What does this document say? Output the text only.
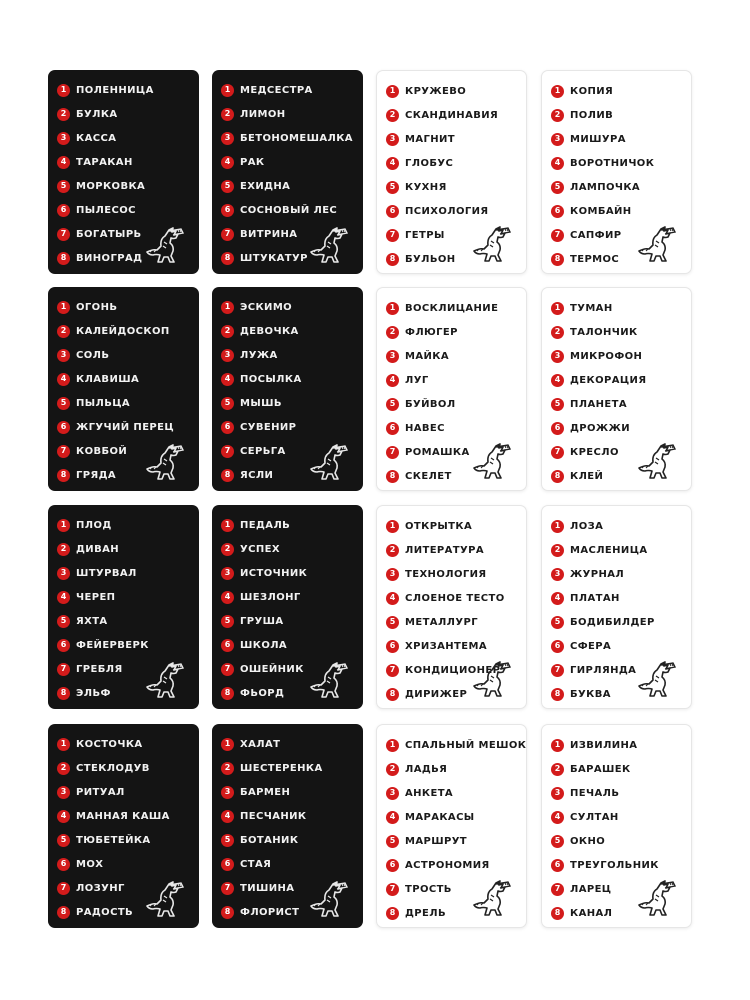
1 ПОЛЕННИЦА
2 БУЛКА
3 КАССА
4 ТАРАКАН
5 МОРКОВКА
6 ПЫЛЕСОС
7 БОГАТЫРЬ
8 ВИНОГРАД
1 МЕДСЕСТРА
2 ЛИМОН
3 БЕТОНОМЕШАЛКА
4 РАК
5 ЕХИДНА
6 СОСНОВЫЙ ЛЕС
7 ВИТРИНА
8 ШТУКАТУР
1 КРУЖЕВО
2 СКАНДИНАВИЯ
3 МАГНИТ
4 ГЛОБУС
5 КУХНЯ
6 ПСИХОЛОГИЯ
7 ГЕТРЫ
8 БУЛЬОН
1 КОПИЯ
2 ПОЛИВ
3 МИШУРА
4 ВОРОТНИЧОК
5 ЛАМПОЧКА
6 КОМБАЙН
7 САПФИР
8 ТЕРМОС
1 ОГОНЬ
2 КАЛЕЙДОСКОП
3 СОЛЬ
4 КЛАВИША
5 ПЫЛЬЦА
6 ЖГУЧИЙ ПЕРЕЦ
7 КОВБОЙ
8 ГРЯДА
1 ЭСКИМО
2 ДЕВОЧКА
3 ЛУЖА
4 ПОСЫЛКА
5 МЫШЬ
6 СУВЕНИР
7 СЕРЬГА
8 ЯСЛИ
1 ВОСКЛИЦАНИЕ
2 ФЛЮГЕР
3 МАЙКА
4 ЛУГ
5 БУЙВОЛ
6 НАВЕС
7 РОМАШКА
8 СКЕЛЕТ
1 ТУМАН
2 ТАЛОНЧИК
3 МИКРОФОН
4 ДЕКОРАЦИЯ
5 ПЛАНЕТА
6 ДРОЖЖИ
7 КРЕСЛО
8 КЛЕЙ
1 ПЛОД
2 ДИВАН
3 ШТУРВАЛ
4 ЧЕРЕП
5 ЯХТА
6 ФЕЙЕРВЕРК
7 ГРЕБЛЯ
8 ЭЛЬФ
1 ПЕДАЛЬ
2 УСПЕХ
3 ИСТОЧНИК
4 ШЕЗЛОНГ
5 ГРУША
6 ШКОЛА
7 ОШЕЙНИК
8 ФЬОРД
1 ОТКРЫТКА
2 ЛИТЕРАТУРА
3 ТЕХНОЛОГИЯ
4 СЛОЕНОЕ ТЕСТО
5 МЕТАЛЛУРГ
6 ХРИЗАНТЕМА
7 КОНДИЦИОНЕР
8 ДИРИЖЕР
1 ЛОЗА
2 МАСЛЕНИЦА
3 ЖУРНАЛ
4 ПЛАТАН
5 БОДИБИЛДЕР
6 СФЕРА
7 ГИРЛЯНДА
8 БУКВА
1 КОСТОЧКА
2 СТЕКЛОДУВ
3 РИТУАЛ
4 МАННАЯ КАША
5 ТЮБЕТЕЙКА
6 МОХ
7 ЛОЗУНГ
8 РАДОСТЬ
1 ХАЛАТ
2 ШЕСТЕРЕНКА
3 БАРМЕН
4 ПЕСЧАНИК
5 БОТАНИК
6 СТАЯ
7 ТИШИНА
8 ФЛОРИСТ
1 СПАЛЬНЫЙ МЕШОК
2 ЛАДЬЯ
3 АНКЕТА
4 МАРАКАСЫ
5 МАРШРУТ
6 АСТРОНОМИЯ
7 ТРОСТЬ
8 ДРЕЛЬ
1 ИЗВИЛИНА
2 БАРАШЕК
3 ПЕЧАЛЬ
4 СУЛТАН
5 ОКНО
6 ТРЕУГОЛЬНИК
7 ЛАРЕЦ
8 КАНАЛ
